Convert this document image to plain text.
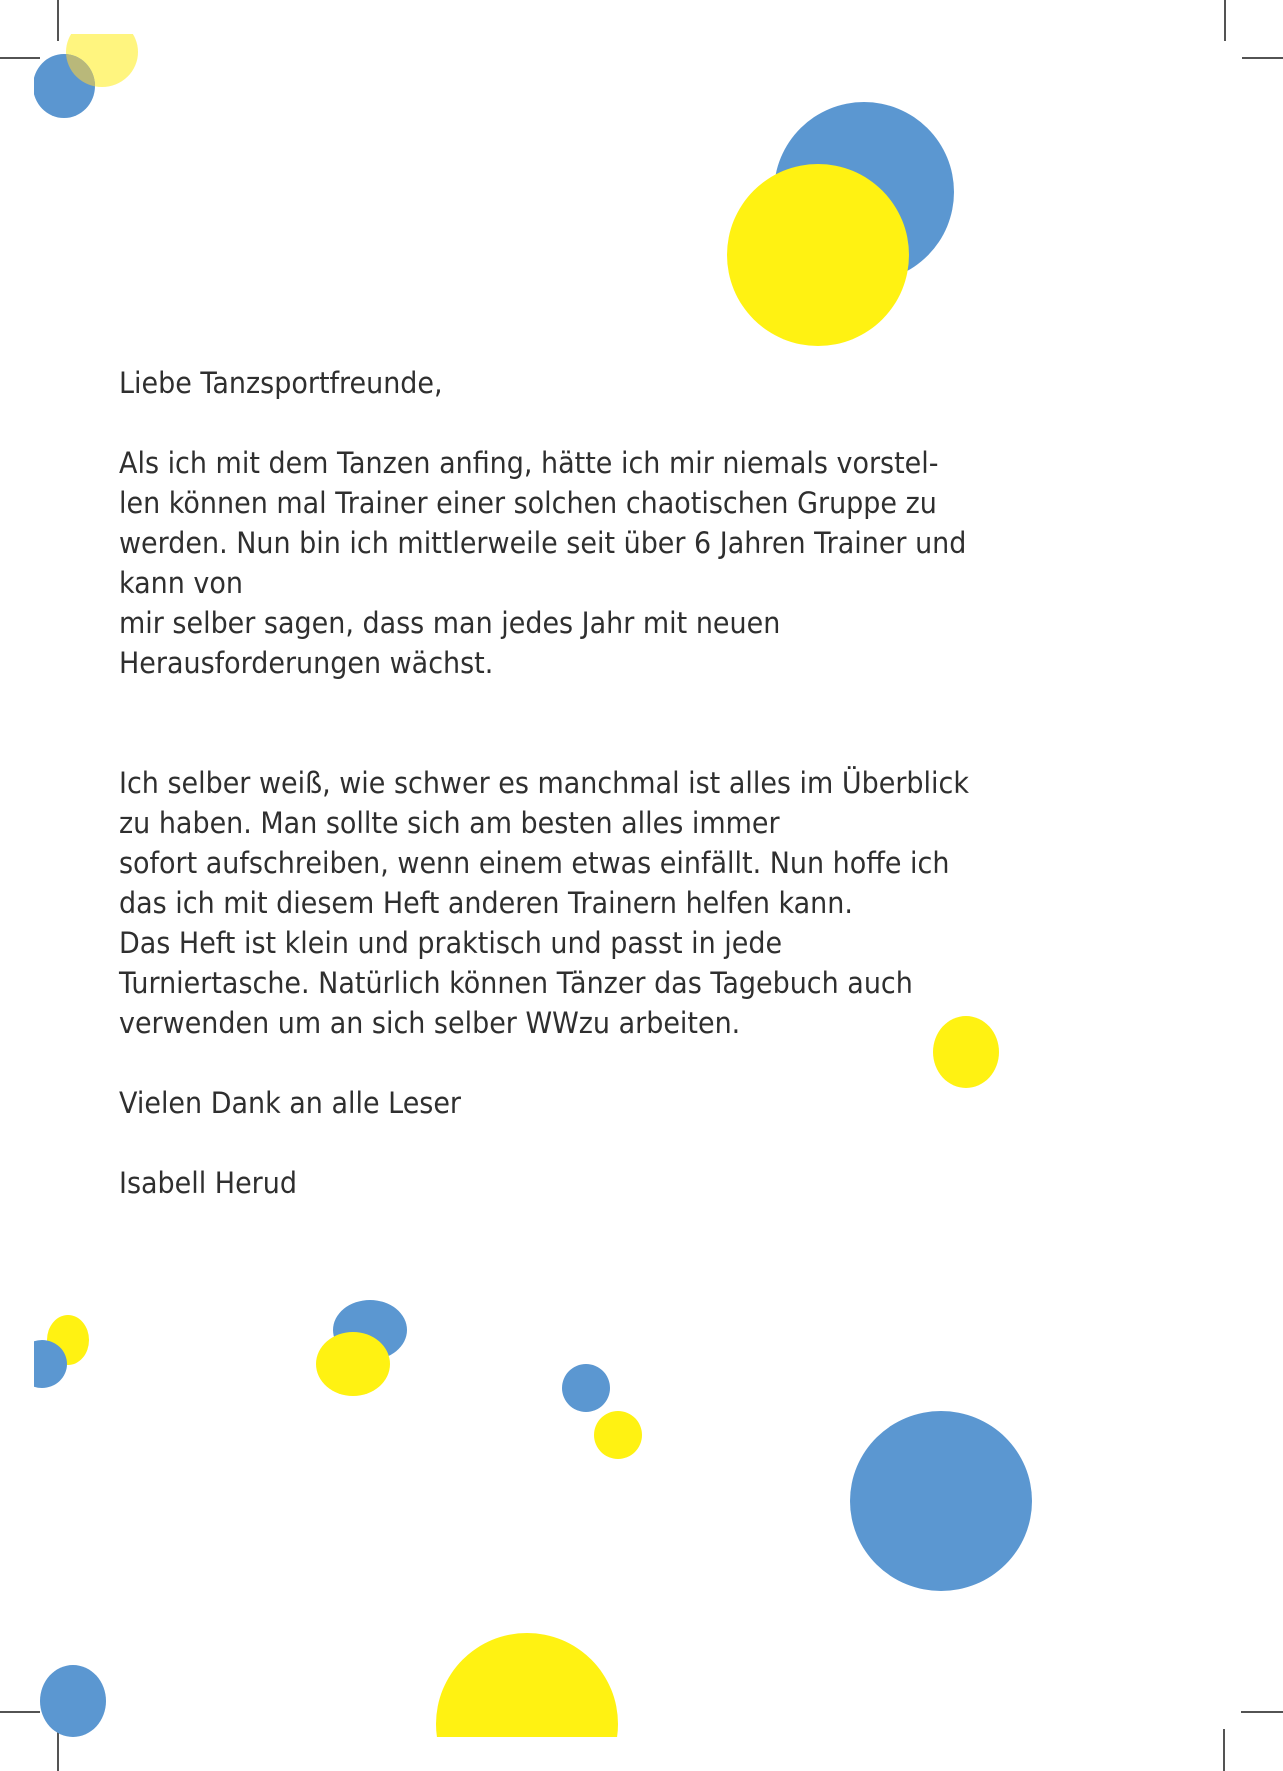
Liebe Tanzsportfreunde,
Als ich mit dem Tanzen anfing, hätte ich mir niemals vorstel-
len können mal Trainer einer solchen chaotischen Gruppe zu
werden. Nun bin ich mittlerweile seit über 6 Jahren Trainer und
kann von
mir selber sagen, dass man jedes Jahr mit neuen
Herausforderungen wächst.
Ich selber weiß, wie schwer es manchmal ist alles im Überblick
zu haben. Man sollte sich am besten alles immer
sofort aufschreiben, wenn einem etwas einfällt. Nun hoffe ich
das ich mit diesem Heft anderen Trainern helfen kann.
Das Heft ist klein und praktisch und passt in jede
Turniertasche. Natürlich können Tänzer das Tagebuch auch
verwenden um an sich selber WWzu arbeiten.
Vielen Dank an alle Leser
Isabell Herud
